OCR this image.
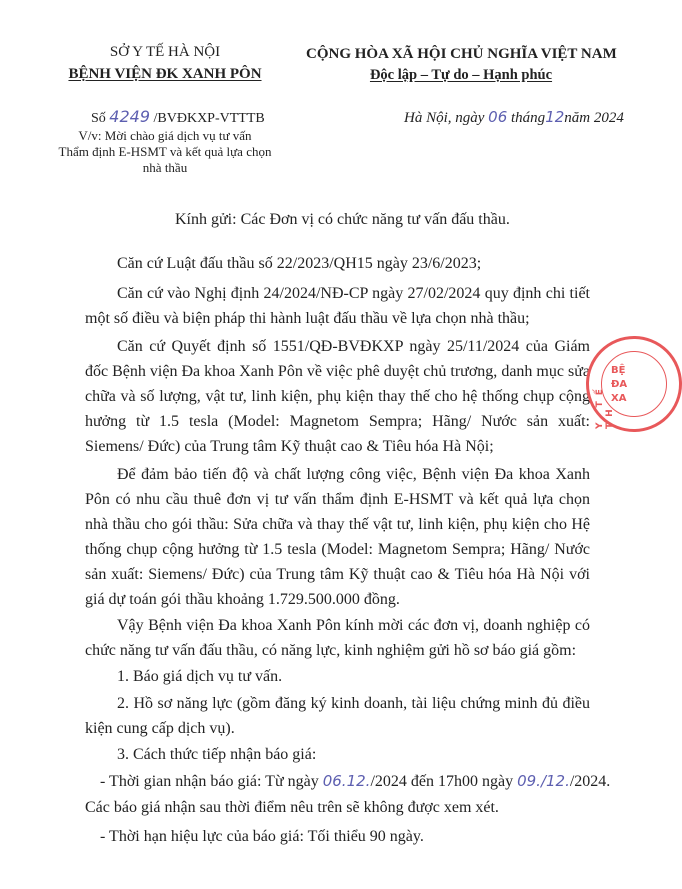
SỞ Y TẾ HÀ NỘI
BỆNH VIỆN ĐK XANH PÔN
Số 4249 /BVĐKXP-VTTTB
V/v: Mời chào giá dịch vụ tư vấn
Thẩm định E-HSMT và kết quả lựa chọn
nhà thầu
CỘNG HÒA XÃ HỘI CHỦ NGHĨA VIỆT NAM
Độc lập – Tự do – Hạnh phúc
Hà Nội, ngày 06 tháng12năm 2024
Kính gửi: Các Đơn vị có chức năng tư vấn đấu thầu.
Căn cứ Luật đấu thầu số 22/2023/QH15 ngày 23/6/2023;
Căn cứ vào Nghị định 24/2024/NĐ-CP ngày 27/02/2024 quy định chi tiết một số điều và biện pháp thi hành luật đấu thầu về lựa chọn nhà thầu;
Căn cứ Quyết định số 1551/QĐ-BVĐKXP ngày 25/11/2024 của Giám đốc Bệnh viện Đa khoa Xanh Pôn về việc phê duyệt chủ trương, danh mục sửa chữa và số lượng, vật tư, linh kiện, phụ kiện thay thế cho hệ thống chụp cộng hưởng từ 1.5 tesla (Model: Magnetom Sempra; Hãng/ Nước sản xuất: Siemens/ Đức) của Trung tâm Kỹ thuật cao & Tiêu hóa Hà Nội;
Để đảm bảo tiến độ và chất lượng công việc, Bệnh viện Đa khoa Xanh Pôn có nhu cầu thuê đơn vị tư vấn thẩm định E-HSMT và kết quả lựa chọn nhà thầu cho gói thầu: Sửa chữa và thay thế vật tư, linh kiện, phụ kiện cho Hệ thống chụp cộng hưởng từ 1.5 tesla (Model: Magnetom Sempra; Hãng/ Nước sản xuất: Siemens/ Đức) của Trung tâm Kỹ thuật cao & Tiêu hóa Hà Nội với giá dự toán gói thầu khoảng 1.729.500.000 đồng.
Vậy Bệnh viện Đa khoa Xanh Pôn kính mời các đơn vị, doanh nghiệp có chức năng tư vấn đấu thầu, có năng lực, kinh nghiệm gửi hồ sơ báo giá gồm:
1. Báo giá dịch vụ tư vấn.
2. Hồ sơ năng lực (gồm đăng ký kinh doanh, tài liệu chứng minh đủ điều kiện cung cấp dịch vụ).
3. Cách thức tiếp nhận báo giá:
- Thời gian nhận báo giá: Từ ngày 06.12./2024 đến 17h00 ngày 09./12./2024.
Các báo giá nhận sau thời điểm nêu trên sẽ không được xem xét.
- Thời hạn hiệu lực của báo giá: Tối thiểu 90 ngày.
Y TẾ TH
BỆ
ĐA
XA
